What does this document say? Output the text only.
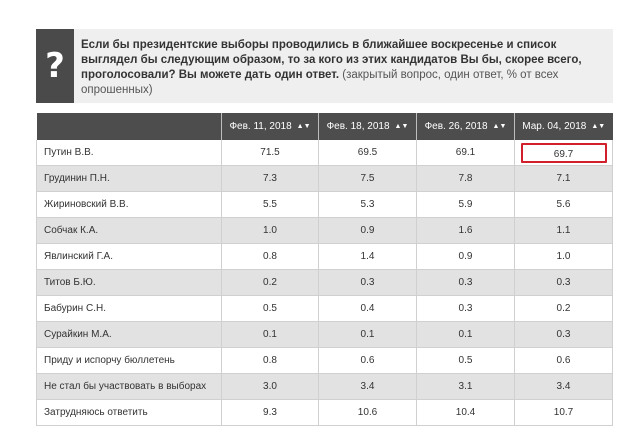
?
Если бы президентские выборы проводились в ближайшее воскресенье и список выглядел бы следующим образом, то за кого из этих кандидатов Вы бы, скорее всего, проголосовали? Вы можете дать один ответ. (закрытый вопрос, один ответ, % от всех опрошенных)
	Фев. 11, 2018 ▲▼	Фев. 18, 2018 ▲▼	Фев. 26, 2018 ▲▼	Мар. 04, 2018 ▲▼
Путин В.В.	71.5	69.5	69.1	69.7
Грудинин П.Н.	7.3	7.5	7.8	7.1
Жириновский В.В.	5.5	5.3	5.9	5.6
Собчак К.А.	1.0	0.9	1.6	1.1
Явлинский Г.А.	0.8	1.4	0.9	1.0
Титов Б.Ю.	0.2	0.3	0.3	0.3
Бабурин С.Н.	0.5	0.4	0.3	0.2
Сурайкин М.А.	0.1	0.1	0.1	0.3
Приду и испорчу бюллетень	0.8	0.6	0.5	0.6
Не стал бы участвовать в выборах	3.0	3.4	3.1	3.4
Затрудняюсь ответить	9.3	10.6	10.4	10.7
